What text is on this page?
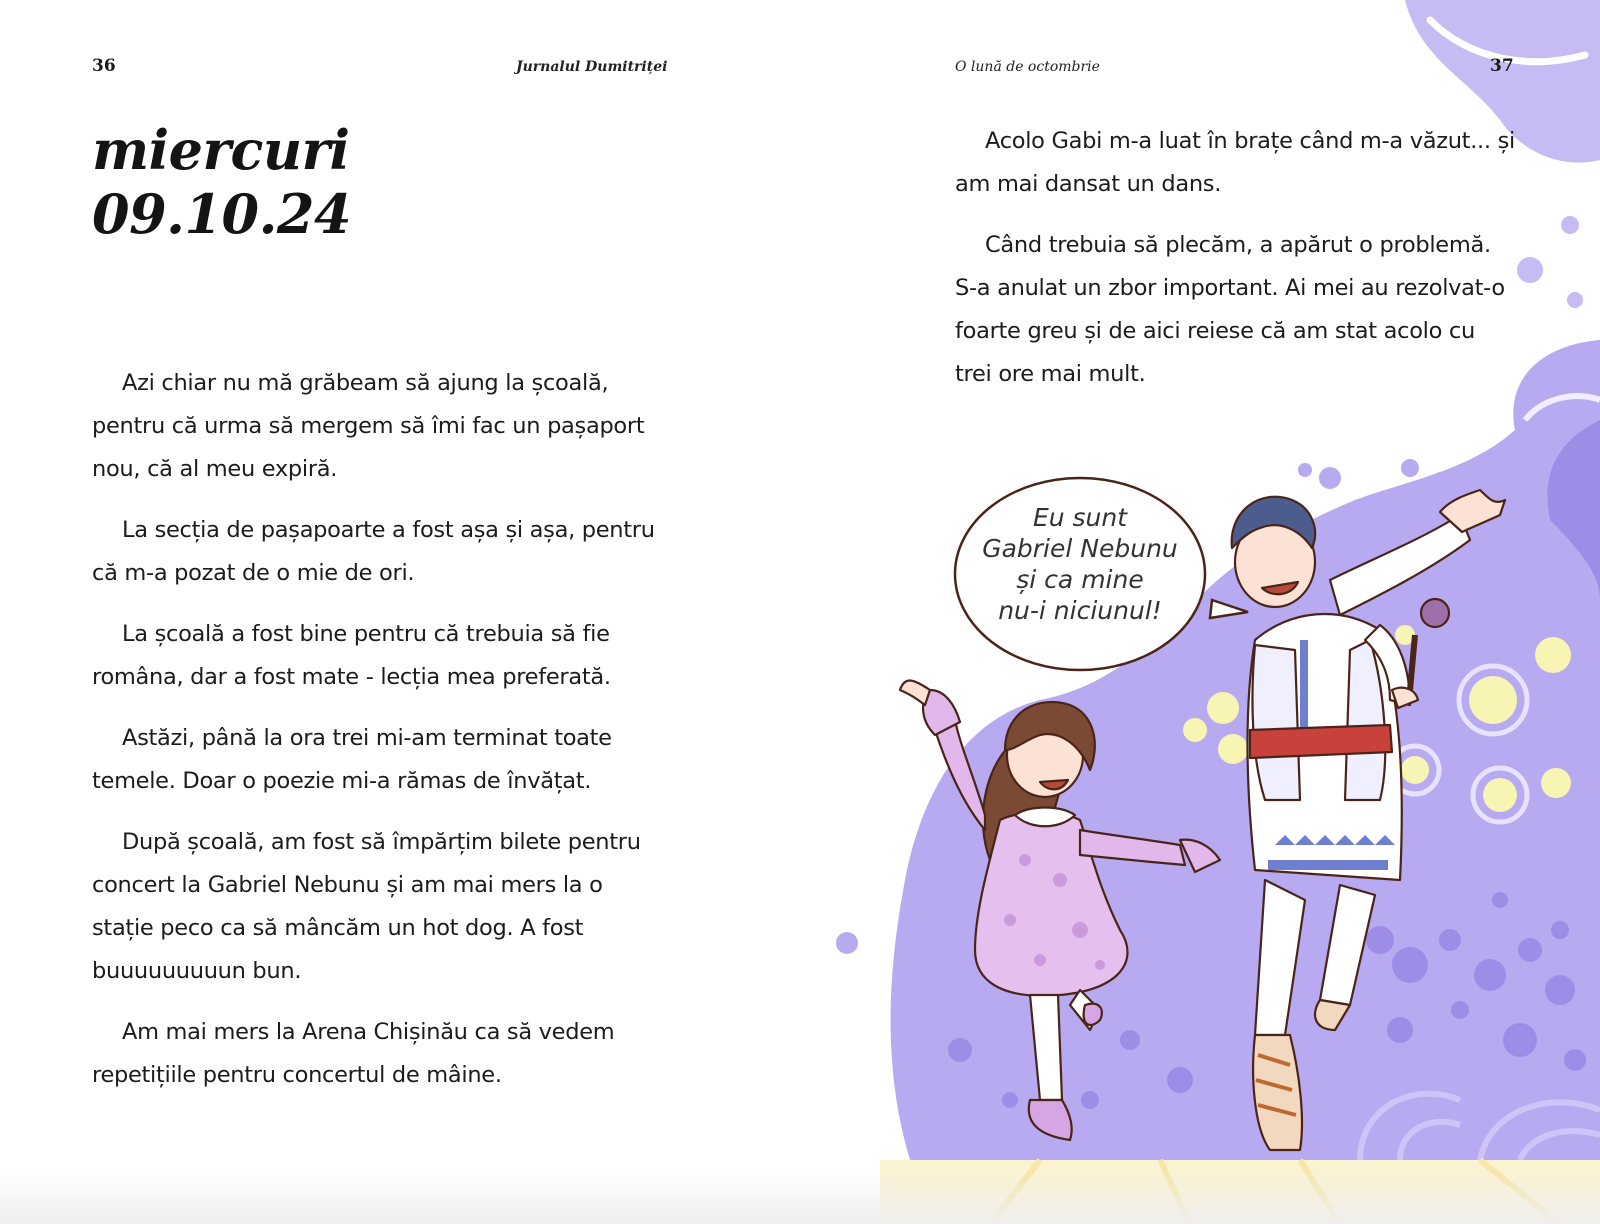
36	Jurnalul Dumitriței
miercuri
09.10.24

Azi chiar nu mă grăbeam să ajung la școală, pentru că urma să mergem să îmi fac un pașaport nou, că al meu expiră.

La secția de pașapoarte a fost așa și așa, pentru că m-a pozat de o mie de ori.

La școală a fost bine pentru că trebuia să fie româna, dar a fost mate - lecția mea preferată.

Astăzi, până la ora trei mi-am terminat toate temele. Doar o poezie mi-a rămas de învățat.

După școală, am fost să împărțim bilete pentru concert la Gabriel Nebunu și am mai mers la o stație peco ca să mâncăm un hot dog. A fost buuuuuuuuun bun.

Am mai mers la Arena Chișinău ca să vedem repetițiile pentru concertul de mâine.

O lună de octombrie	37

Acolo Gabi m-a luat în brațe când m-a văzut... și am mai dansat un dans.

Când trebuia să plecăm, a apărut o problemă. S-a anulat un zbor important. Ai mei au rezolvat-o foarte greu și de aici reiese că am stat acolo cu trei ore mai mult.

Eu sunt
Gabriel Nebunu
și ca mine
nu-i niciunul!
